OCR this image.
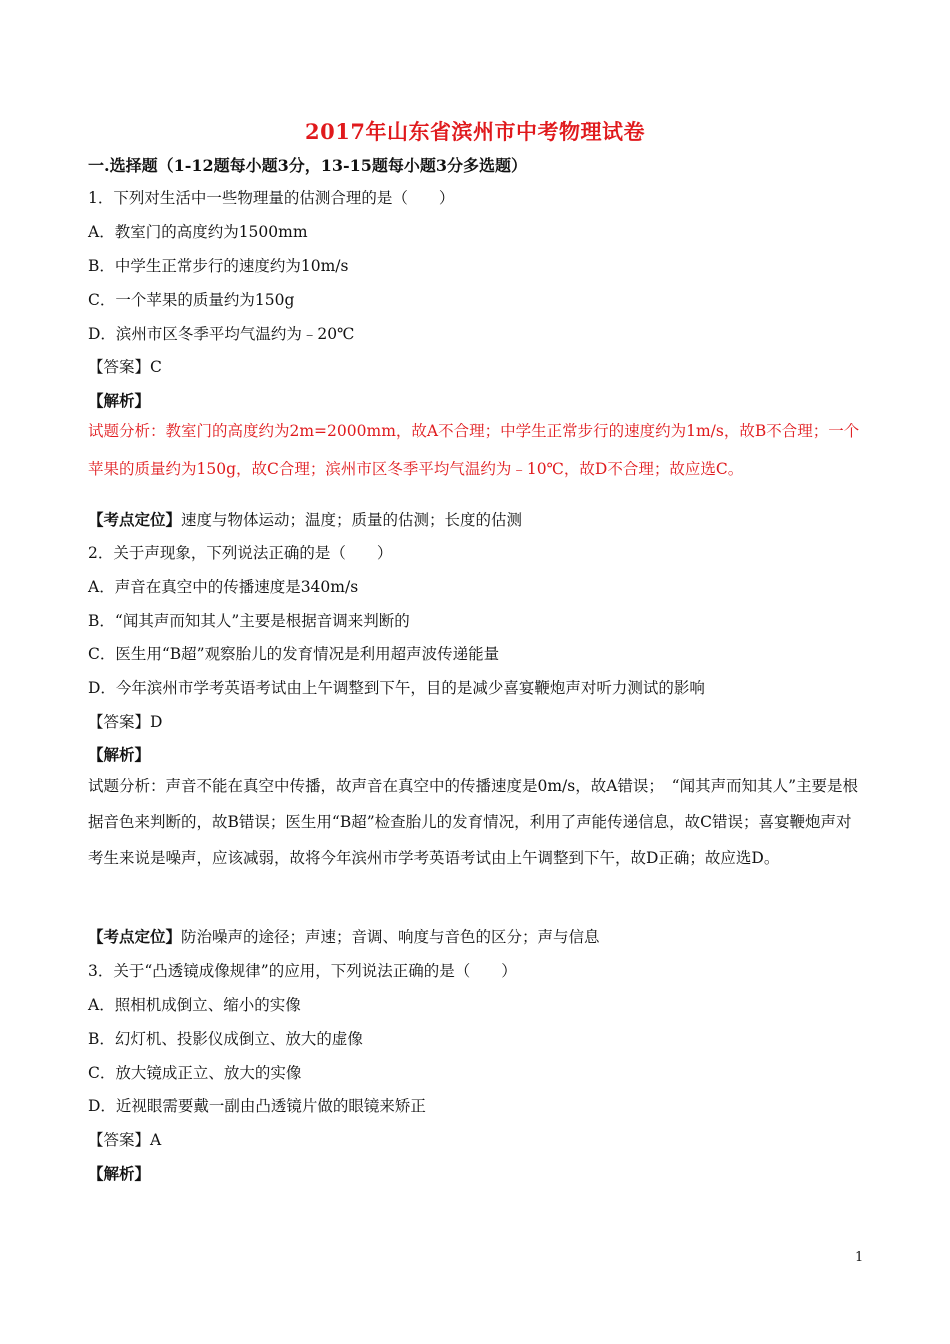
2017年山东省滨州市中考物理试卷
一.选择题（1-12题每小题3分，13-15题每小题3分多选题）
1．下列对生活中一些物理量的估测合理的是（　　）
A．教室门的高度约为1500mm
B．中学生正常步行的速度约为10m/s
C．一个苹果的质量约为150g
D．滨州市区冬季平均气温约为﹣20℃
【答案】C
【解析】
试题分析：教室门的高度约为2m=2000mm，故A不合理；中学生正常步行的速度约为1m/s，故B不合理；一个苹果的质量约为150g，故C合理；滨州市区冬季平均气温约为﹣10℃，故D不合理；故应选C。
【考点定位】速度与物体运动；温度；质量的估测；长度的估测
2．关于声现象，下列说法正确的是（　　）
A．声音在真空中的传播速度是340m/s
B．“闻其声而知其人”主要是根据音调来判断的
C．医生用“B超”观察胎儿的发育情况是利用超声波传递能量
D．今年滨州市学考英语考试由上午调整到下午，目的是减少喜宴鞭炮声对听力测试的影响
【答案】D
【解析】
试题分析：声音不能在真空中传播，故声音在真空中的传播速度是0m/s，故A错误；　“闻其声而知其人”主要是根据音色来判断的，故B错误；医生用“B超”检查胎儿的发育情况，利用了声能传递信息，故C错误；喜宴鞭炮声对考生来说是噪声，应该减弱，故将今年滨州市学考英语考试由上午调整到下午，故D正确；故应选D。
【考点定位】防治噪声的途径；声速；音调、响度与音色的区分；声与信息
3．关于“凸透镜成像规律”的应用，下列说法正确的是（　　）
A．照相机成倒立、缩小的实像
B．幻灯机、投影仪成倒立、放大的虚像
C．放大镜成正立、放大的实像
D．近视眼需要戴一副由凸透镜片做的眼镜来矫正
【答案】A
【解析】
1
